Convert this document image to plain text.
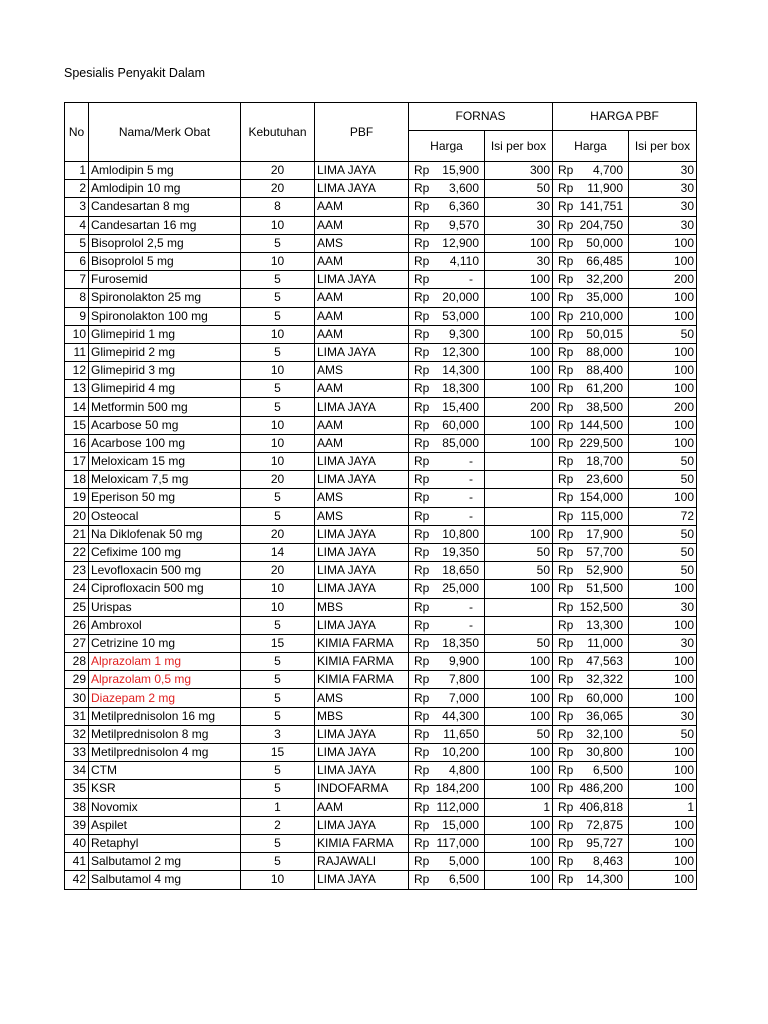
Spesialis Penyakit Dalam
No	Nama/Merk Obat	Kebutuhan	PBF	FORNAS		HARGA PBF	
				Harga	Isi per box	Harga	Isi per box
1	Amlodipin 5 mg	20	LIMA JAYA	Rp 15,900	300	Rp 4,700	30
2	Amlodipin 10 mg	20	LIMA JAYA	Rp 3,600	50	Rp 11,900	30
3	Candesartan 8 mg	8	AAM	Rp 6,360	30	Rp 141,751	30
4	Candesartan 16 mg	10	AAM	Rp 9,570	30	Rp 204,750	30
5	Bisoprolol 2,5 mg	5	AMS	Rp 12,900	100	Rp 50,000	100
6	Bisoprolol 5 mg	10	AAM	Rp 4,110	30	Rp 66,485	100
7	Furosemid	5	LIMA JAYA	Rp -	100	Rp 32,200	200
8	Spironolakton 25 mg	5	AAM	Rp 20,000	100	Rp 35,000	100
9	Spironolakton 100 mg	5	AAM	Rp 53,000	100	Rp 210,000	100
10	Glimepirid 1 mg	10	AAM	Rp 9,300	100	Rp 50,015	50
11	Glimepirid 2 mg	5	LIMA JAYA	Rp 12,300	100	Rp 88,000	100
12	Glimepirid 3 mg	10	AMS	Rp 14,300	100	Rp 88,400	100
13	Glimepirid 4 mg	5	AAM	Rp 18,300	100	Rp 61,200	100
14	Metformin 500 mg	5	LIMA JAYA	Rp 15,400	200	Rp 38,500	200
15	Acarbose 50 mg	10	AAM	Rp 60,000	100	Rp 144,500	100
16	Acarbose 100 mg	10	AAM	Rp 85,000	100	Rp 229,500	100
17	Meloxicam 15 mg	10	LIMA JAYA	Rp -		Rp 18,700	50
18	Meloxicam 7,5 mg	20	LIMA JAYA	Rp -		Rp 23,600	50
19	Eperison 50 mg	5	AMS	Rp -		Rp 154,000	100
20	Osteocal	5	AMS	Rp -		Rp 115,000	72
21	Na Diklofenak 50 mg	20	LIMA JAYA	Rp 10,800	100	Rp 17,900	50
22	Cefixime 100 mg	14	LIMA JAYA	Rp 19,350	50	Rp 57,700	50
23	Levofloxacin 500 mg	20	LIMA JAYA	Rp 18,650	50	Rp 52,900	50
24	Ciprofloxacin 500 mg	10	LIMA JAYA	Rp 25,000	100	Rp 51,500	100
25	Urispas	10	MBS	Rp -		Rp 152,500	30
26	Ambroxol	5	LIMA JAYA	Rp -		Rp 13,300	100
27	Cetrizine 10 mg	15	KIMIA FARMA	Rp 18,350	50	Rp 11,000	30
28	Alprazolam 1 mg	5	KIMIA FARMA	Rp 9,900	100	Rp 47,563	100
29	Alprazolam 0,5 mg	5	KIMIA FARMA	Rp 7,800	100	Rp 32,322	100
30	Diazepam 2 mg	5	AMS	Rp 7,000	100	Rp 60,000	100
31	Metilprednisolon 16 mg	5	MBS	Rp 44,300	100	Rp 36,065	30
32	Metilprednisolon 8 mg	3	LIMA JAYA	Rp 11,650	50	Rp 32,100	50
33	Metilprednisolon 4 mg	15	LIMA JAYA	Rp 10,200	100	Rp 30,800	100
34	CTM	5	LIMA JAYA	Rp 4,800	100	Rp 6,500	100
35	KSR	5	INDOFARMA	Rp 184,200	100	Rp 486,200	100
38	Novomix	1	AAM	Rp 112,000	1	Rp 406,818	1
39	Aspilet	2	LIMA JAYA	Rp 15,000	100	Rp 72,875	100
40	Retaphyl	5	KIMIA FARMA	Rp 117,000	100	Rp 95,727	100
41	Salbutamol 2 mg	5	RAJAWALI	Rp 5,000	100	Rp 8,463	100
42	Salbutamol 4 mg	10	LIMA JAYA	Rp 6,500	100	Rp 14,300	100
